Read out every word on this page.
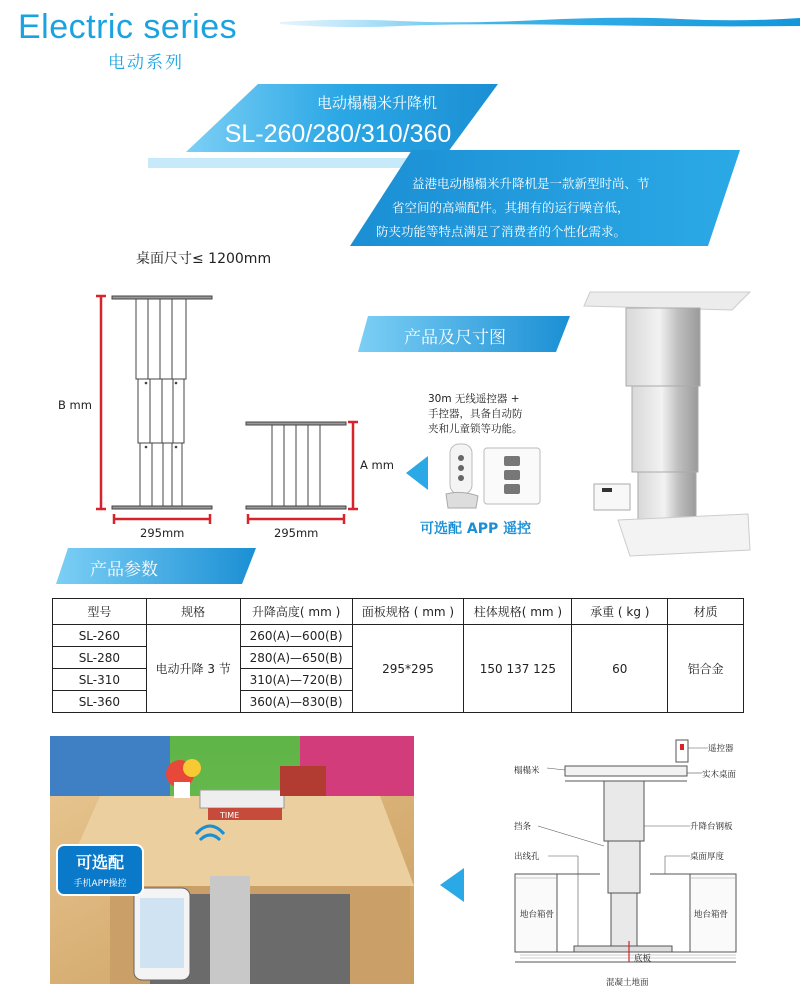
Electric series
电动系列
电动榻榻米升降机
SL-260/280/310/360
益港电动榻榻米升降机是一款新型时尚、节
省空间的高端配件。其拥有的运行噪音低，
防夹功能等特点满足了消费者的个性化需求。
桌面尺寸≤ 1200mm
B mm
A mm
295mm	295mm
产品及尺寸图
30m 无线遥控器 +
手控器，具备自动防
夹和儿童锁等功能。
可选配 APP 遥控
产品参数
型号	规格	升降高度( mm )	面板规格 ( mm )	柱体规格( mm )	承重 ( kg )	材质
SL-260	电动升降 3 节	260(A)—600(B)	295*295	150 137 125	60	铝合金
SL-280		280(A)—650(B)				
SL-310		310(A)—720(B)				
SL-360		360(A)—830(B)				
TIME
可选配
手机APP操控
遥控器
榻榻米	实木桌面
挡条	升降台钢板
出线孔	桌面厚度
地台箱骨	地台箱骨
底板
混凝土地面
